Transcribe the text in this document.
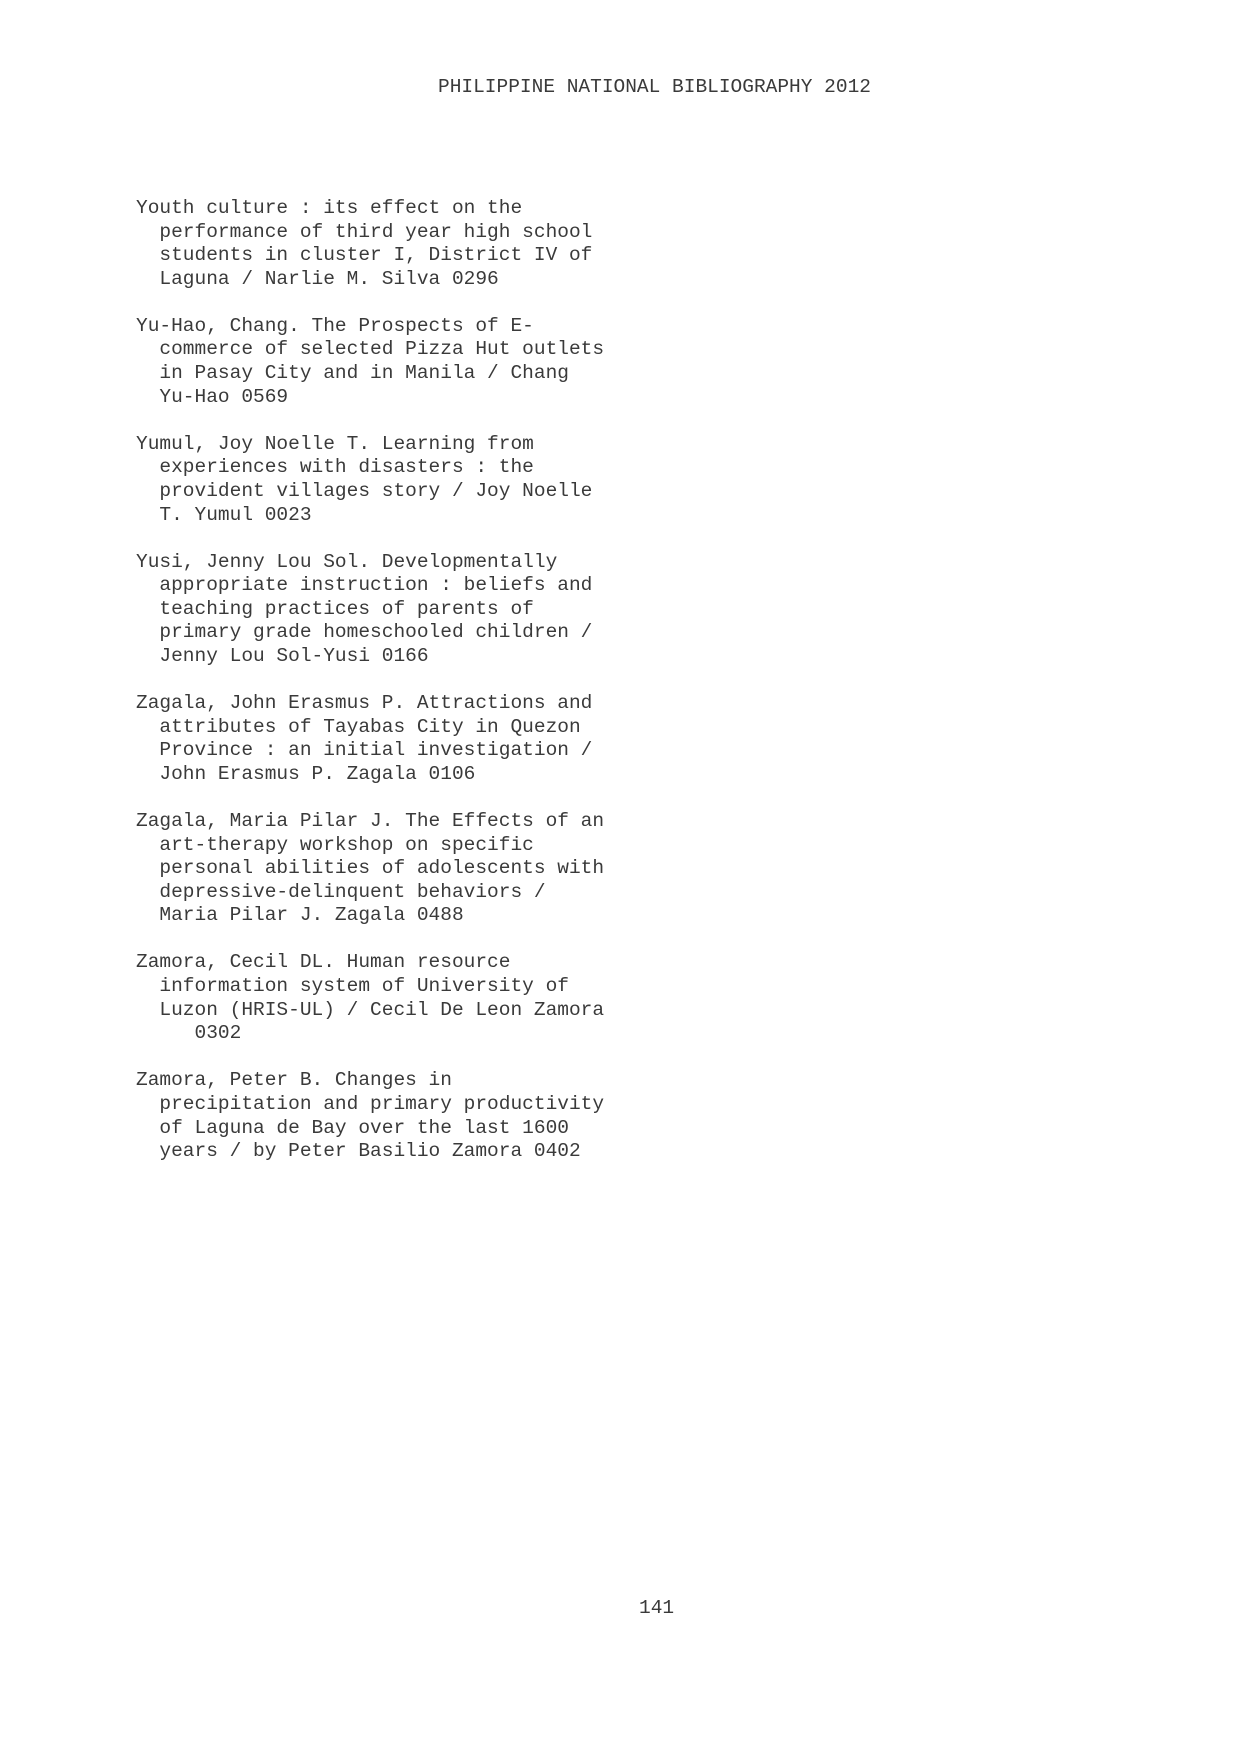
PHILIPPINE NATIONAL BIBLIOGRAPHY 2012

Youth culture : its effect on the
performance of third year high school
students in cluster I, District IV of
Laguna / Narlie M. Silva 0296
Yu-Hao, Chang. The Prospects of E-
commerce of selected Pizza Hut outlets
in Pasay City and in Manila / Chang
Yu-Hao 0569
Yumul, Joy Noelle T. Learning from
experiences with disasters : the
provident villages story / Joy Noelle
T. Yumul 0023
Yusi, Jenny Lou Sol. Developmentally
appropriate instruction : beliefs and
teaching practices of parents of
primary grade homeschooled children /
Jenny Lou Sol-Yusi 0166
Zagala, John Erasmus P. Attractions and
attributes of Tayabas City in Quezon
Province : an initial investigation /
John Erasmus P. Zagala 0106
Zagala, Maria Pilar J. The Effects of an
art-therapy workshop on specific
personal abilities of adolescents with
depressive-delinquent behaviors /
Maria Pilar J. Zagala 0488
Zamora, Cecil DL. Human resource
information system of University of
Luzon (HRIS-UL) / Cecil De Leon Zamora
0302
Zamora, Peter B. Changes in
precipitation and primary productivity
of Laguna de Bay over the last 1600
years / by Peter Basilio Zamora 0402

141
